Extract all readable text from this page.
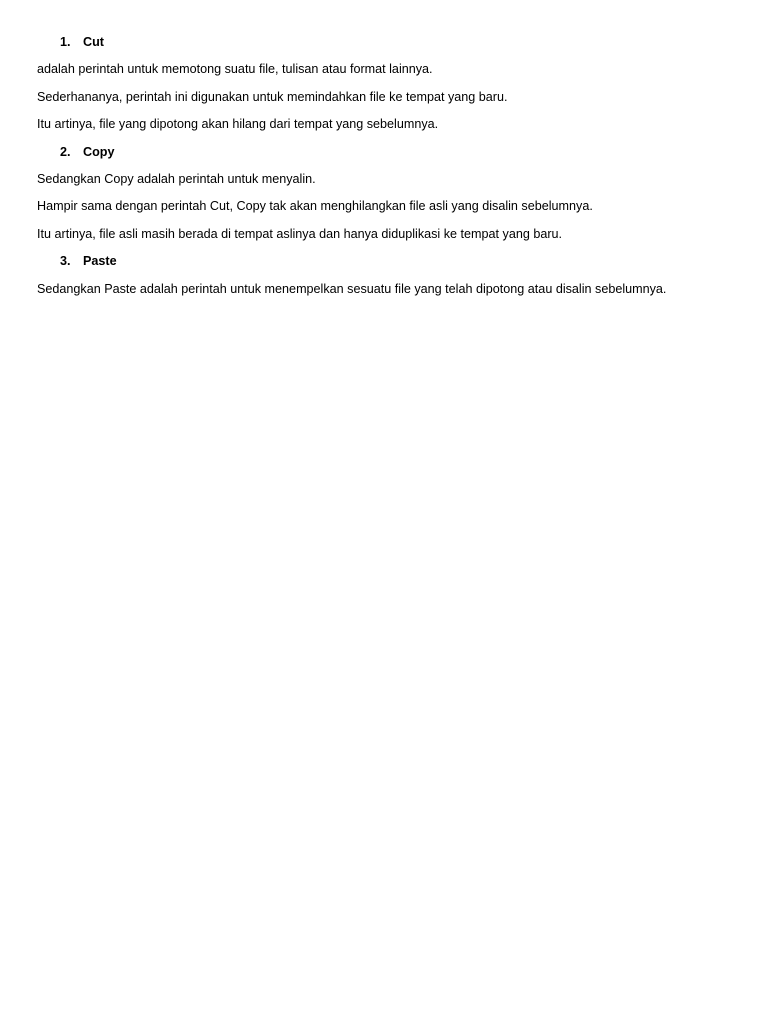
1. Cut

adalah perintah untuk memotong suatu file, tulisan atau format lainnya.

Sederhananya, perintah ini digunakan untuk memindahkan file ke tempat yang baru.

Itu artinya, file yang dipotong akan hilang dari tempat yang sebelumnya.

2. Copy

Sedangkan Copy adalah perintah untuk menyalin.

Hampir sama dengan perintah Cut, Copy tak akan menghilangkan file asli yang disalin sebelumnya.

Itu artinya, file asli masih berada di tempat aslinya dan hanya diduplikasi ke tempat yang baru.

3. Paste

Sedangkan Paste adalah perintah untuk menempelkan sesuatu file yang telah dipotong atau disalin sebelumnya.
